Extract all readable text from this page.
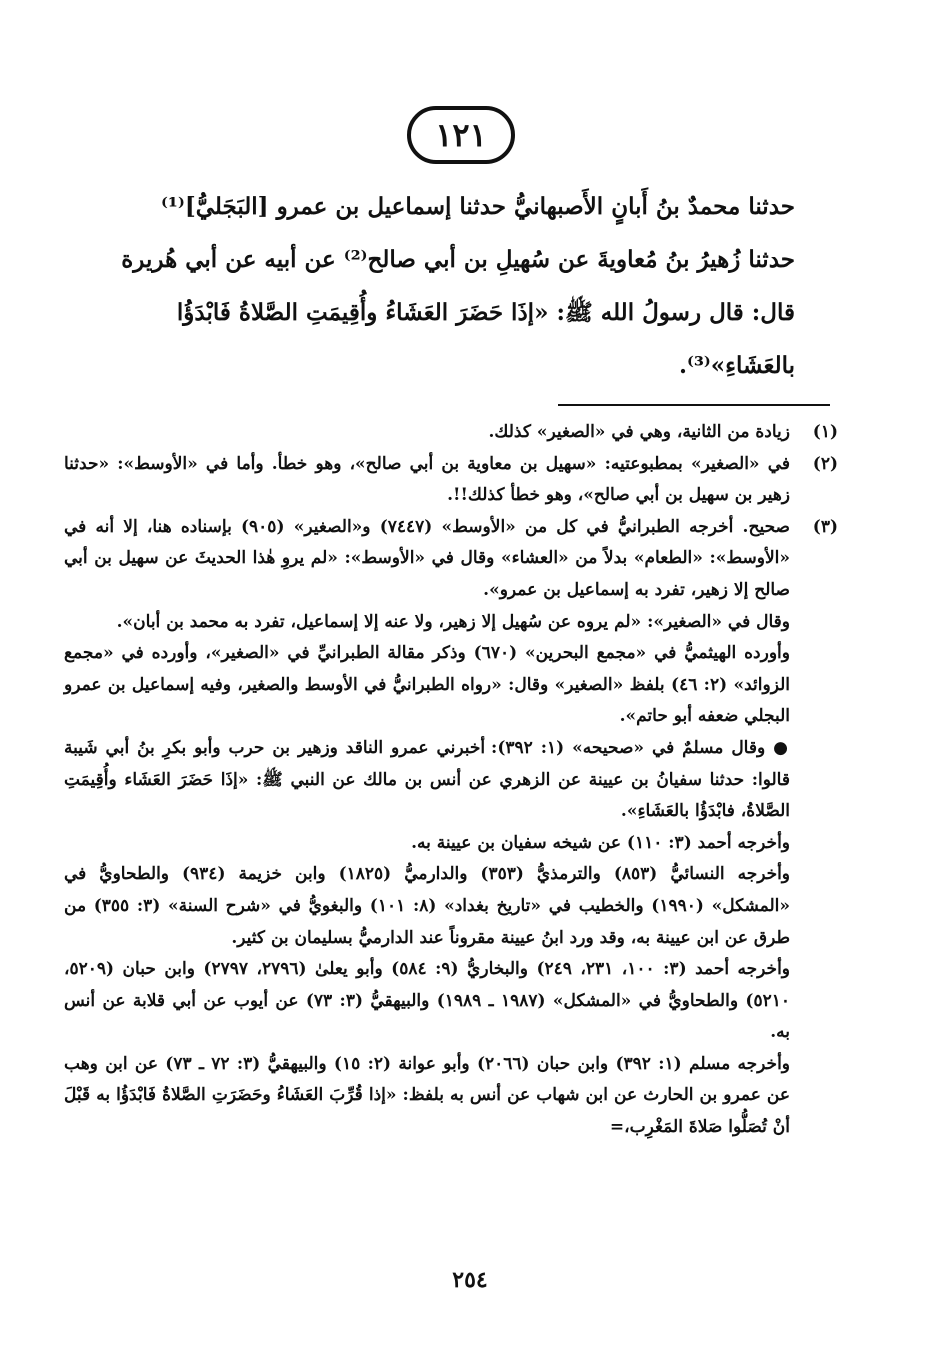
١٢١

حدثنا محمدٌ بنُ أَبانٍ الأَصبهانيُّ حدثنا إسماعيل بن عمرو [البَجَليُّ]⁽¹⁾

حدثنا زُهيرُ بنُ مُعاويةَ عن سُهيلِ بن أبي صالح⁽²⁾ عن أبيه عن أبي هُريرة

قال: قال رسولُ الله ﷺ: «إذَا حَضَرَ العَشَاءُ وأُقِيمَتِ الصَّلاةُ فَابْدَؤُا

بالعَشَاءِ»⁽³⁾.

(١)

زيادة من الثانية، وهي في «الصغير» كذلك.

(٢)

في «الصغير» بمطبوعتيه: «سهيل بن معاوية بن أبي صالح»، وهو خطأ. وأما في «الأوسط»: «حدثنا زهير بن سهيل بن أبي صالح»، وهو خطأ كذلك!!.

(٣)

صحيح. أخرجه الطبرانيُّ في كل من «الأوسط» (٧٤٤٧) و«الصغير» (٩٠٥) بإسناده هنا، إلا أنه في «الأوسط»: «الطعام» بدلاً من «العشاء» وقال في «الأوسط»: «لم يروِ هٰذا الحديثَ عن سهيل بن أبي صالح إلا زهير، تفرد به إسماعيل بن عمرو».

وقال في «الصغير»: «لم يروه عن سُهيل إلا زهير، ولا عنه إلا إسماعيل، تفرد به محمد بن أبان».

وأورده الهيثميُّ في «مجمع البحرين» (٦٧٠) وذكر مقالة الطبرانيِّ في «الصغير»، وأورده في «مجمع الزوائد» (٢: ٤٦) بلفظ «الصغير» وقال: «رواه الطبرانيُّ في الأوسط والصغير، وفيه إسماعيل بن عمرو البجلي ضعفه أبو حاتم».

● وقال مسلمٌ في «صحيحه» (١: ٣٩٢): أخبرني عمرو الناقد وزهير بن حرب وأبو بكرِ بنُ أبي شَيبة قالوا: حدثنا سفيانُ بن عيينة عن الزهري عن أنس بن مالك عن النبي ﷺ: «إذَا حَضَرَ العَشَاء وأُقِيمَتِ الصَّلاةُ، فابْدَؤُا بالعَشَاءِ».

وأخرجه أحمد (٣: ١١٠) عن شيخه سفيان بن عيينة به.

وأخرجه النسائيُّ (٨٥٣) والترمذيُّ (٣٥٣) والدارميُّ (١٨٢٥) وابن خزيمة (٩٣٤) والطحاويُّ في «المشكل» (١٩٩٠) والخطيب في «تاريخ بغداد» (٨: ١٠١) والبغويُّ في «شرح السنة» (٣: ٣٥٥) من طرق عن ابن عيينة به، وقد ورد ابنُ عيينة مقروناً عند الدارميُّ بسليمان بن كثير.

وأخرجه أحمد (٣: ١٠٠، ٢٣١، ٢٤٩) والبخاريُّ (٩: ٥٨٤) وأبو يعلىٰ (٢٧٩٦، ٢٧٩٧) وابن حبان (٥٢٠٩، ٥٢١٠) والطحاويُّ في «المشكل» (١٩٨٧ ـ ١٩٨٩) والبيهقيُّ (٣: ٧٣) عن أيوب عن أبي قلابة عن أنس به.

وأخرجه مسلم (١: ٣٩٢) وابن حبان (٢٠٦٦) وأبو عوانة (٢: ١٥) والبيهقيُّ (٣: ٧٢ ـ ٧٣) عن ابن وهب عن عمرو بن الحارث عن ابن شهاب عن أنس به بلفظ: «إذا قُرِّبَ العَشَاءُ وحَضَرَتِ الصَّلاةُ فَابْدَؤُا به قَبْلَ أنْ تُصَلُّوا صَلاةَ المَغْرِب،=

٢٥٤
